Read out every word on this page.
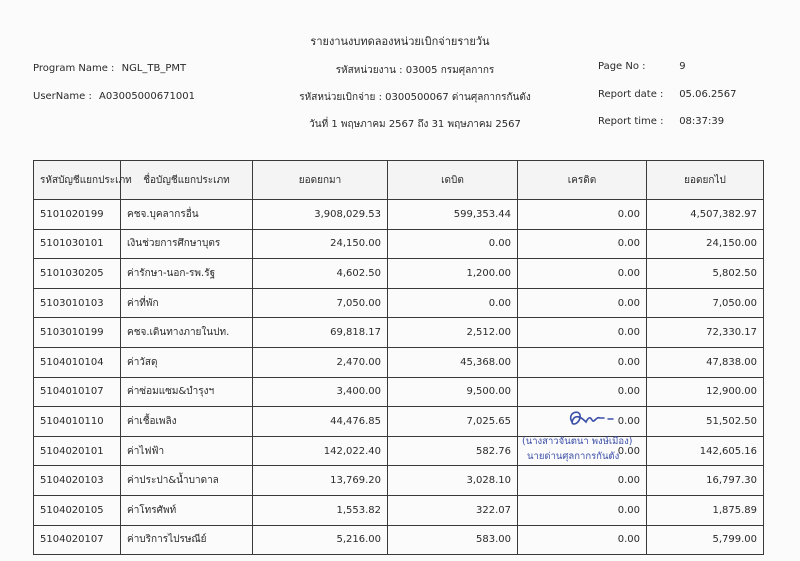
รายงานงบทดลองหน่วยเบิกจ่ายรายวัน
Program Name : NGL_TB_PMT
UserName : A03005000671001
รหัสหน่วยงาน : 03005 กรมศุลกากร
รหัสหน่วยเบิกจ่าย : 0300500067 ด่านศุลกากรกันตัง
วันที่ 1 พฤษภาคม 2567 ถึง 31 พฤษภาคม 2567
Page No :	9
Report date : 05.06.2567
Report time : 08:37:39
รหัสบัญชีแยกประเภท	ชื่อบัญชีแยกประเภท	ยอดยกมา	เดบิต	เครดิต	ยอดยกไป
5101020199	คชจ.บุคลากรอื่น	3,908,029.53	599,353.44	0.00	4,507,382.97
5101030101	เงินช่วยการศึกษาบุตร	24,150.00	0.00	0.00	24,150.00
5101030205	ค่ารักษา-นอก-รพ.รัฐ	4,602.50	1,200.00	0.00	5,802.50
5103010103	ค่าที่พัก	7,050.00	0.00	0.00	7,050.00
5103010199	คชจ.เดินทางภายในปท.	69,818.17	2,512.00	0.00	72,330.17
5104010104	ค่าวัสดุ	2,470.00	45,368.00	0.00	47,838.00
5104010107	ค่าซ่อมแซม&บำรุงฯ	3,400.00	9,500.00	0.00	12,900.00
5104010110	ค่าเชื้อเพลิง	44,476.85	7,025.65	0.00	51,502.50
5104020101	ค่าไฟฟ้า	142,022.40	582.76	0.00	142,605.16
5104020103	ค่าประปา&น้ำบาดาล	13,769.20	3,028.10	0.00	16,797.30
5104020105	ค่าโทรศัพท์	1,553.82	322.07	0.00	1,875.89
5104020107	ค่าบริการไปรษณีย์	5,216.00	583.00	0.00	5,799.00
(นางสาวจันตนา พงษ์เมือง)
นายด่านศุลกากรกันตัง
